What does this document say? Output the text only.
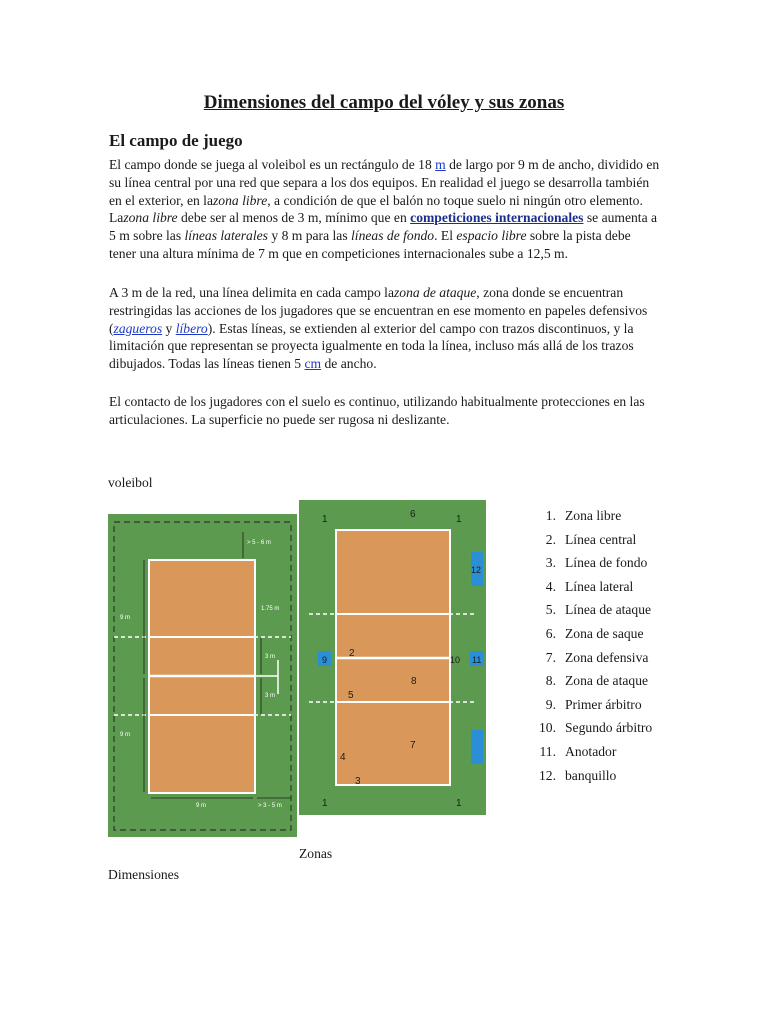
Dimensiones del campo del vóley y sus zonas
El campo de juego

El campo donde se juega al voleibol es un rectángulo de 18 m de largo por 9 m de ancho, dividido en su línea central por una red que separa a los dos equipos. En realidad el juego se desarrolla también en el exterior, en lazona libre, a condición de que el balón no toque suelo ni ningún otro elemento. Lazona libre debe ser al menos de 3 m, mínimo que en competiciones internacionales se aumenta a 5 m sobre las líneas laterales y 8 m para las líneas de fondo. El espacio libre sobre la pista debe tener una altura mínima de 7 m que en competiciones internacionales sube a 12,5 m.

A 3 m de la red, una línea delimita en cada campo lazona de ataque, zona donde se encuentran restringidas las acciones de los jugadores que se encuentran en ese momento en papeles defensivos (zagueros y líbero). Estas líneas, se extienden al exterior del campo con trazos discontinuos, y la limitación que representan se proyecta igualmente en toda la línea, incluso más allá de los trazos dibujados. Todas las líneas tienen 5 cm de ancho.

El contacto de los jugadores con el suelo es continuo, utilizando habitualmente protecciones en las articulaciones. La superficie no puede ser rugosa ni deslizante.

voleibol
> 5 - 6 m
9 m
1.75 m
3 m
3 m
9 m
9 m	> 3 - 5 m
1	6	1
12
2
9	10 11
8
5
7
4
3
1	1
Zonas
Dimensiones
1. Zona libre
2. Línea central
3. Línea de fondo
4. Línea lateral
5. Línea de ataque
6. Zona de saque
7. Zona defensiva
8. Zona de ataque
9. Primer árbitro
10. Segundo árbitro
11. Anotador
12. banquillo
